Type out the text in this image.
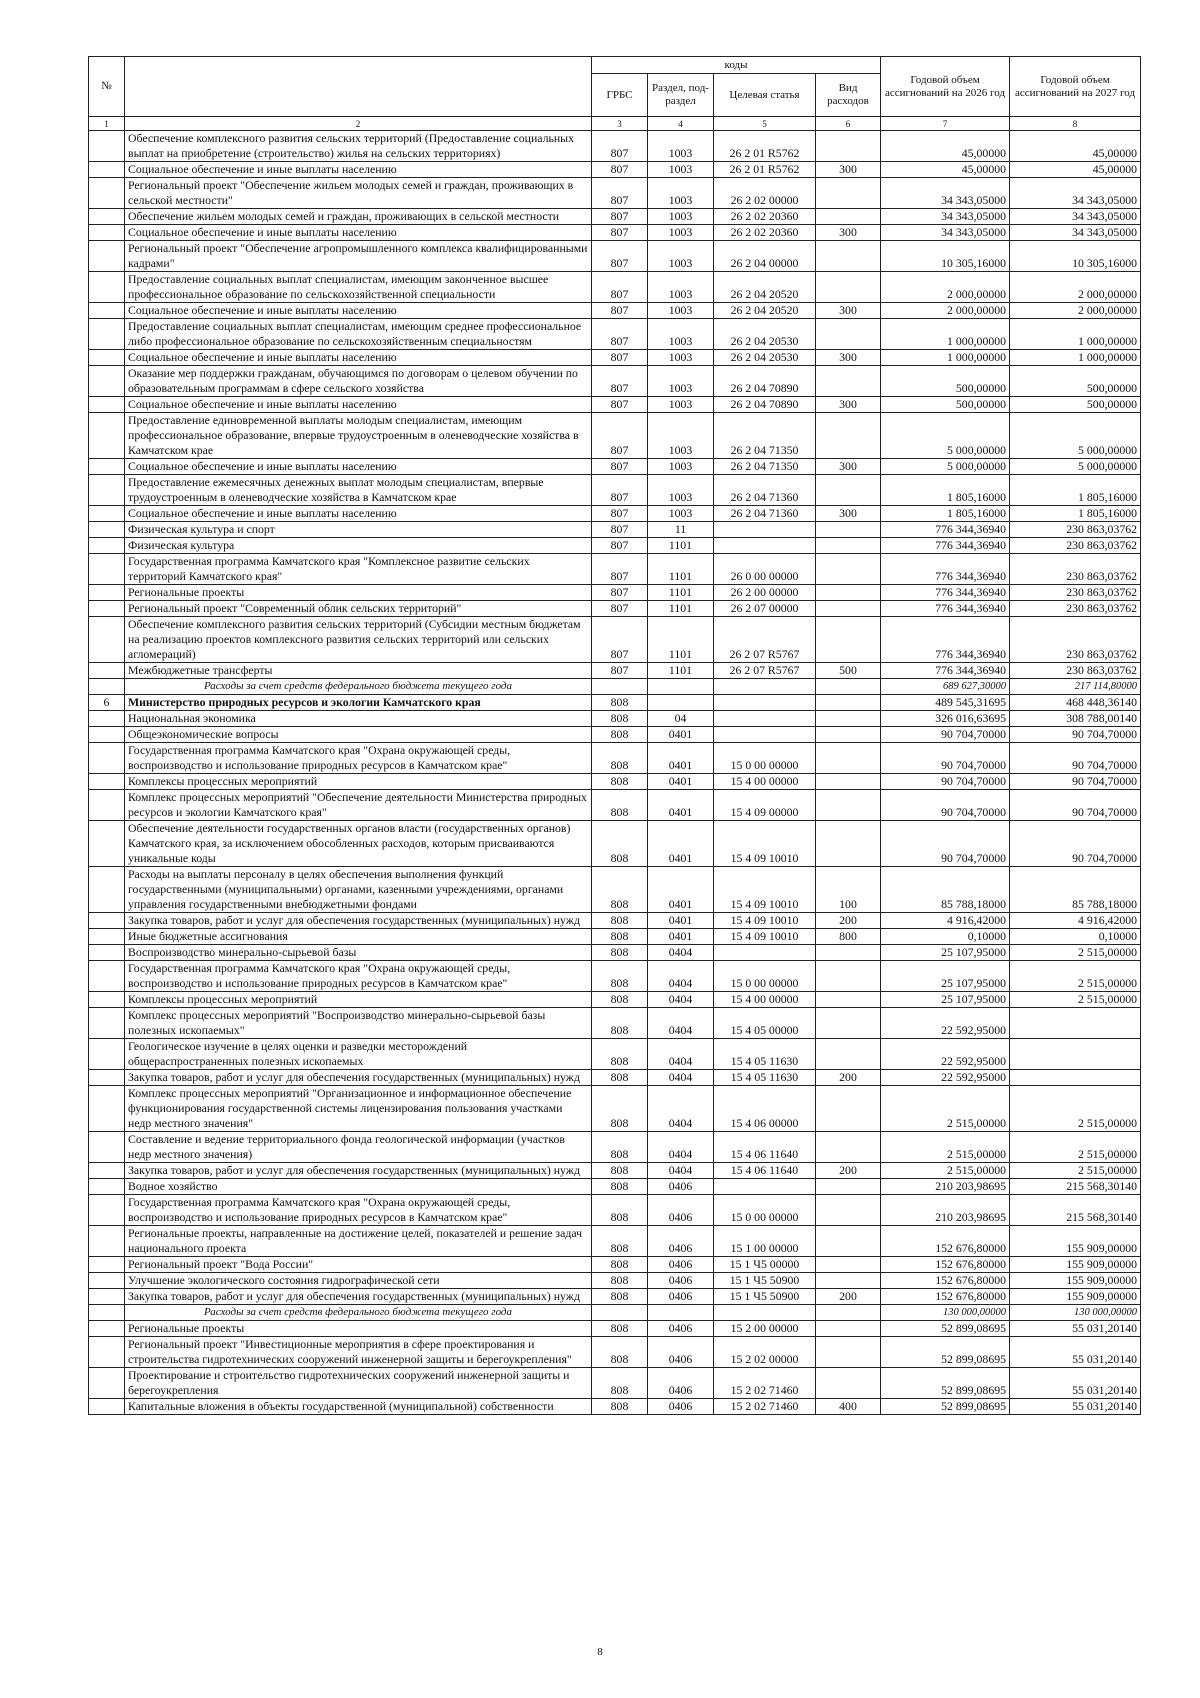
№		коды				Годовой объем ассигнований на 2026 год	Годовой объем ассигнований на 2027 год
		ГРБС	Раздел, под-раздел	Целевая статья	Вид расходов		
1	2	3	4	5	6	7	8
	Обеспечение комплексного развития сельских территорий (Предоставление социальных выплат на приобретение (строительство) жилья на сельских территориях)	807	1003	26 2 01 R5762		45,00000	45,00000
	Социальное обеспечение и иные выплаты населению	807	1003	26 2 01 R5762	300	45,00000	45,00000
	Региональный проект "Обеспечение жильем молодых семей и граждан, проживающих в сельской местности"	807	1003	26 2 02 00000		34 343,05000	34 343,05000
	Обеспечение жильем молодых семей и граждан, проживающих в сельской местности	807	1003	26 2 02 20360		34 343,05000	34 343,05000
	Социальное обеспечение и иные выплаты населению	807	1003	26 2 02 20360	300	34 343,05000	34 343,05000
	Региональный проект "Обеспечение агропромышленного комплекса квалифицированными кадрами"	807	1003	26 2 04 00000		10 305,16000	10 305,16000
	Предоставление социальных выплат специалистам, имеющим законченное высшее профессиональное образование по сельскохозяйственной специальности	807	1003	26 2 04 20520		2 000,00000	2 000,00000
	Социальное обеспечение и иные выплаты населению	807	1003	26 2 04 20520	300	2 000,00000	2 000,00000
	Предоставление социальных выплат специалистам, имеющим среднее профессиональное либо профессиональное образование по сельскохозяйственным специальностям	807	1003	26 2 04 20530		1 000,00000	1 000,00000
	Социальное обеспечение и иные выплаты населению	807	1003	26 2 04 20530	300	1 000,00000	1 000,00000
	Оказание мер поддержки гражданам, обучающимся по договорам о целевом обучении по образовательным программам в сфере сельского хозяйства	807	1003	26 2 04 70890		500,00000	500,00000
	Социальное обеспечение и иные выплаты населению	807	1003	26 2 04 70890	300	500,00000	500,00000
	Предоставление единовременной выплаты молодым специалистам, имеющим профессиональное образование, впервые трудоустроенным в оленеводческие хозяйства в Камчатском крае	807	1003	26 2 04 71350		5 000,00000	5 000,00000
	Социальное обеспечение и иные выплаты населению	807	1003	26 2 04 71350	300	5 000,00000	5 000,00000
	Предоставление ежемесячных денежных выплат молодым специалистам, впервые трудоустроенным в оленеводческие хозяйства в Камчатском крае	807	1003	26 2 04 71360		1 805,16000	1 805,16000
	Социальное обеспечение и иные выплаты населению	807	1003	26 2 04 71360	300	1 805,16000	1 805,16000
	Физическая культура и спорт	807	11			776 344,36940	230 863,03762
	Физическая культура	807	1101			776 344,36940	230 863,03762
	Государственная программа Камчатского края "Комплексное развитие сельских территорий Камчатского края"	807	1101	26 0 00 00000		776 344,36940	230 863,03762
	Региональные проекты	807	1101	26 2 00 00000		776 344,36940	230 863,03762
	Региональный проект "Современный облик сельских территорий"	807	1101	26 2 07 00000		776 344,36940	230 863,03762
	Обеспечение комплексного развития сельских территорий (Субсидии местным бюджетам на реализацию проектов комплексного развития сельских территорий или сельских агломераций)	807	1101	26 2 07 R5767		776 344,36940	230 863,03762
	Межбюджетные трансферты	807	1101	26 2 07 R5767	500	776 344,36940	230 863,03762
	Расходы за счет средств федерального бюджета текущего года					689 627,30000	217 114,80000
6	Министерство природных ресурсов и экологии Камчатского края	808				489 545,31695	468 448,36140
	Национальная экономика	808	04			326 016,63695	308 788,00140
	Общеэкономические вопросы	808	0401			90 704,70000	90 704,70000
	Государственная программа Камчатского края "Охрана окружающей среды, воспроизводство и использование природных ресурсов в Камчатском крае"	808	0401	15 0 00 00000		90 704,70000	90 704,70000
	Комплексы процессных мероприятий	808	0401	15 4 00 00000		90 704,70000	90 704,70000
	Комплекс процессных мероприятий "Обеспечение деятельности Министерства природных ресурсов и экологии Камчатского края"	808	0401	15 4 09 00000		90 704,70000	90 704,70000
	Обеспечение деятельности государственных органов власти (государственных органов) Камчатского края, за исключением обособленных расходов, которым присваиваются уникальные коды	808	0401	15 4 09 10010		90 704,70000	90 704,70000
	Расходы на выплаты персоналу в целях обеспечения выполнения функций государственными (муниципальными) органами, казенными учреждениями, органами управления государственными внебюджетными фондами	808	0401	15 4 09 10010	100	85 788,18000	85 788,18000
	Закупка товаров, работ и услуг для обеспечения государственных (муниципальных) нужд	808	0401	15 4 09 10010	200	4 916,42000	4 916,42000
	Иные бюджетные ассигнования	808	0401	15 4 09 10010	800	0,10000	0,10000
	Воспроизводство минерально-сырьевой базы	808	0404			25 107,95000	2 515,00000
	Государственная программа Камчатского края "Охрана окружающей среды, воспроизводство и использование природных ресурсов в Камчатском крае"	808	0404	15 0 00 00000		25 107,95000	2 515,00000
	Комплексы процессных мероприятий	808	0404	15 4 00 00000		25 107,95000	2 515,00000
	Комплекс процессных мероприятий "Воспроизводство минерально-сырьевой базы полезных ископаемых"	808	0404	15 4 05 00000		22 592,95000	
	Геологическое изучение в целях оценки и разведки месторождений общераспространенных полезных ископаемых	808	0404	15 4 05 11630		22 592,95000	
	Закупка товаров, работ и услуг для обеспечения государственных (муниципальных) нужд	808	0404	15 4 05 11630	200	22 592,95000	
	Комплекс процессных мероприятий "Организационное и информационное обеспечение функционирования государственной системы лицензирования пользования участками недр местного значения"	808	0404	15 4 06 00000		2 515,00000	2 515,00000
	Составление и ведение территориального фонда геологической информации (участков недр местного значения)	808	0404	15 4 06 11640		2 515,00000	2 515,00000
	Закупка товаров, работ и услуг для обеспечения государственных (муниципальных) нужд	808	0404	15 4 06 11640	200	2 515,00000	2 515,00000
	Водное хозяйство	808	0406			210 203,98695	215 568,30140
	Государственная программа Камчатского края "Охрана окружающей среды, воспроизводство и использование природных ресурсов в Камчатском крае"	808	0406	15 0 00 00000		210 203,98695	215 568,30140
	Региональные проекты, направленные на достижение целей, показателей и решение задач национального проекта	808	0406	15 1 00 00000		152 676,80000	155 909,00000
	Региональный проект "Вода России"	808	0406	15 1 Ч5 00000		152 676,80000	155 909,00000
	Улучшение экологического состояния гидрографической сети	808	0406	15 1 Ч5 50900		152 676,80000	155 909,00000
	Закупка товаров, работ и услуг для обеспечения государственных (муниципальных) нужд	808	0406	15 1 Ч5 50900	200	152 676,80000	155 909,00000
	Расходы за счет средств федерального бюджета текущего года					130 000,00000	130 000,00000
	Региональные проекты	808	0406	15 2 00 00000		52 899,08695	55 031,20140
	Региональный проект "Инвестиционные мероприятия в сфере проектирования и строительства гидротехнических сооружений инженерной защиты и берегоукрепления"	808	0406	15 2 02 00000		52 899,08695	55 031,20140
	Проектирование и строительство гидротехнических сооружений инженерной защиты и берегоукрепления	808	0406	15 2 02 71460		52 899,08695	55 031,20140
	Капитальные вложения в объекты государственной (муниципальной) собственности	808	0406	15 2 02 71460	400	52 899,08695	55 031,20140
8
